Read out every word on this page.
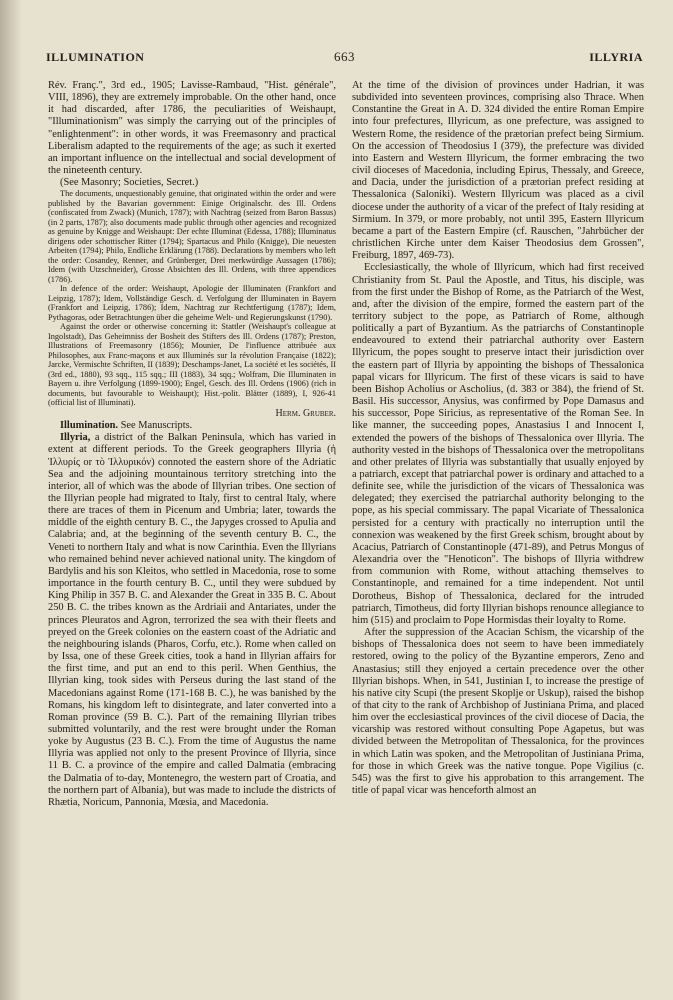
ILLUMINATION	663	ILLYRIA

Rév. Franç.", 3rd ed., 1905; Lavisse-Rambaud, "Hist. générale", VIII, 1896), they are extremely improbable. On the other hand, once it had discarded, after 1786, the peculiarities of Weishaupt, "Illuminationism" was simply the carrying out of the principles of "enlightenment": in other words, it was Freemasonry and practical Liberalism adapted to the requirements of the age; as such it exerted an important influence on the intellectual and social development of the nineteenth century.

(See Masonry; Societies, Secret.)

The documents, unquestionably genuine, that originated within the order and were published by the Bavarian government: Einige Originalschr. des Ill. Ordens (confiscated from Zwack) (Munich, 1787); with Nachtrag (seized from Baron Bassus) (in 2 parts, 1787); also documents made public through other agencies and recognized as genuine by Knigge and Weishaupt: Der echte Illuminat (Edessa, 1788); Illuminatus dirigens oder schottischer Ritter (1794); Spartacus and Philo (Knigge), Die neuesten Arbeiten (1794); Philo, Endliche Erklärung (1788). Declarations by members who left the order: Cosandey, Renner, and Grünberger, Drei merkwürdige Aussagen (1786); Idem (with Utzschneider), Grosse Absichten des Ill. Ordens, with three appendices (1786).

In defence of the order: Weishaupt, Apologie der Illuminaten (Frankfort and Leipzig, 1787); Idem, Vollständige Gesch. d. Verfolgung der Illuminaten in Bayern (Frankfort and Leipzig, 1786); Idem, Nachtrag zur Rechtfertigung (1787); Idem, Pythagoras, oder Betrachtungen über die geheime Welt- und Regierungskunst (1790).

Against the order or otherwise concerning it: Stattler (Weishaupt's colleague at Ingolstadt), Das Geheimniss der Bosheit des Stifters des Ill. Ordens (1787); Preston, Illustrations of Freemasonry (1856); Mounier, De l'influence attribuée aux Philosophes, aux Franc-maçons et aux Illuminés sur la révolution Française (1822); Jarcke, Vermischte Schriften, II (1839); Deschamps-Janet, La société et les sociétés, II (3rd ed., 1880), 93 sqq., 115 sqq.; III (1883), 34 sqq.; Wolfram, Die Illuminaten in Bayern u. ihre Verfolgung (1899-1900); Engel, Gesch. des Ill. Ordens (1906) (rich in documents, but favourable to Weishaupt); Hist.-polit. Blätter (1889), I, 926-41 (official list of Illuminati).

Herm. Gruber.

Illumination. See Manuscripts.

Illyria, a district of the Balkan Peninsula, which has varied in extent at different periods. To the Greek geographers Illyria (ἡ Ἰλλυρίς or τὸ Ἰλλυρικόν) connoted the eastern shore of the Adriatic Sea and the adjoining mountainous territory stretching into the interior, all of which was the abode of Illyrian tribes. One section of the Illyrian people had migrated to Italy, first to central Italy, where there are traces of them in Picenum and Umbria; later, towards the middle of the eighth century B. C., the Japyges crossed to Apulia and Calabria; and, at the beginning of the seventh century B. C., the Veneti to northern Italy and what is now Carinthia. Even the Illyrians who remained behind never achieved national unity. The kingdom of Bardylis and his son Kleitos, who settled in Macedonia, rose to some importance in the fourth century B. C., until they were subdued by King Philip in 357 B. C. and Alexander the Great in 335 B. C. About 250 B. C. the tribes known as the Ardriaii and Antariates, under the princes Pleuratos and Agron, terrorized the sea with their fleets and preyed on the Greek colonies on the eastern coast of the Adriatic and the neighbouring islands (Pharos, Corfu, etc.). Rome when called on by Issa, one of these Greek cities, took a hand in Illyrian affairs for the first time, and put an end to this peril. When Genthius, the Illyrian king, took sides with Perseus during the last stand of the Macedonians against Rome (171-168 B. C.), he was banished by the Romans, his kingdom left to disintegrate, and later converted into a Roman province (59 B. C.). Part of the remaining Illyrian tribes submitted voluntarily, and the rest were brought under the Roman yoke by Augustus (23 B. C.). From the time of Augustus the name Illyria was applied not only to the present Province of Illyria, since 11 B. C. a province of the empire and called Dalmatia (embracing the Dalmatia of to-day, Montenegro, the western part of Croatia, and the northern part of Albania), but was made to include the districts of Rhætia, Noricum, Pannonia, Mœsia, and Macedonia.

At the time of the division of provinces under Hadrian, it was subdivided into seventeen provinces, comprising also Thrace. When Constantine the Great in A. D. 324 divided the entire Roman Empire into four prefectures, Illyricum, as one prefecture, was assigned to Western Rome, the residence of the prætorian prefect being Sirmium. On the accession of Theodosius I (379), the prefecture was divided into Eastern and Western Illyricum, the former embracing the two civil dioceses of Macedonia, including Epirus, Thessaly, and Greece, and Dacia, under the jurisdiction of a prætorian prefect residing at Thessalonica (Saloniki). Western Illyricum was placed as a civil diocese under the authority of a vicar of the prefect of Italy residing at Sirmium. In 379, or more probably, not until 395, Eastern Illyricum became a part of the Eastern Empire (cf. Rauschen, "Jahrbücher der christlichen Kirche unter dem Kaiser Theodosius dem Grossen", Freiburg, 1897, 469-73).

Ecclesiastically, the whole of Illyricum, which had first received Christianity from St. Paul the Apostle, and Titus, his disciple, was from the first under the Bishop of Rome, as the Patriarch of the West, and, after the division of the empire, formed the eastern part of the territory subject to the pope, as Patriarch of Rome, although politically a part of Byzantium. As the patriarchs of Constantinople endeavoured to extend their patriarchal authority over Eastern Illyricum, the popes sought to preserve intact their jurisdiction over the eastern part of Illyria by appointing the bishops of Thessalonica papal vicars for Illyricum. The first of these vicars is said to have been Bishop Acholius or Ascholius, (d. 383 or 384), the friend of St. Basil. His successor, Anysius, was confirmed by Pope Damasus and his successor, Pope Siricius, as representative of the Roman See. In like manner, the succeeding popes, Anastasius I and Innocent I, extended the powers of the bishops of Thessalonica over Illyria. The authority vested in the bishops of Thessalonica over the metropolitans and other prelates of Illyria was substantially that usually enjoyed by a patriarch, except that patriarchal power is ordinary and attached to a definite see, while the jurisdiction of the vicars of Thessalonica was delegated; they exercised the patriarchal authority belonging to the pope, as his special commissary. The papal Vicariate of Thessalonica persisted for a century with practically no interruption until the connexion was weakened by the first Greek schism, brought about by Acacius, Patriarch of Constantinople (471-89), and Petrus Mongus of Alexandria over the "Henoticon". The bishops of Illyria withdrew from communion with Rome, without attaching themselves to Constantinople, and remained for a time independent. Not until Dorotheus, Bishop of Thessalonica, declared for the intruded patriarch, Timotheus, did forty Illyrian bishops renounce allegiance to him (515) and proclaim to Pope Hormisdas their loyalty to Rome.

After the suppression of the Acacian Schism, the vicarship of the bishops of Thessalonica does not seem to have been immediately restored, owing to the policy of the Byzantine emperors, Zeno and Anastasius; still they enjoyed a certain precedence over the other Illyrian bishops. When, in 541, Justinian I, to increase the prestige of his native city Scupi (the present Skoplje or Uskup), raised the bishop of that city to the rank of Archbishop of Justiniana Prima, and placed him over the ecclesiastical provinces of the civil diocese of Dacia, the vicarship was restored without consulting Pope Agapetus, but was divided between the Metropolitan of Thessalonica, for the provinces in which Latin was spoken, and the Metropolitan of Justiniana Prima, for those in which Greek was the native tongue. Pope Vigilius (c. 545) was the first to give his approbation to this arrangement. The title of papal vicar was henceforth almost an
